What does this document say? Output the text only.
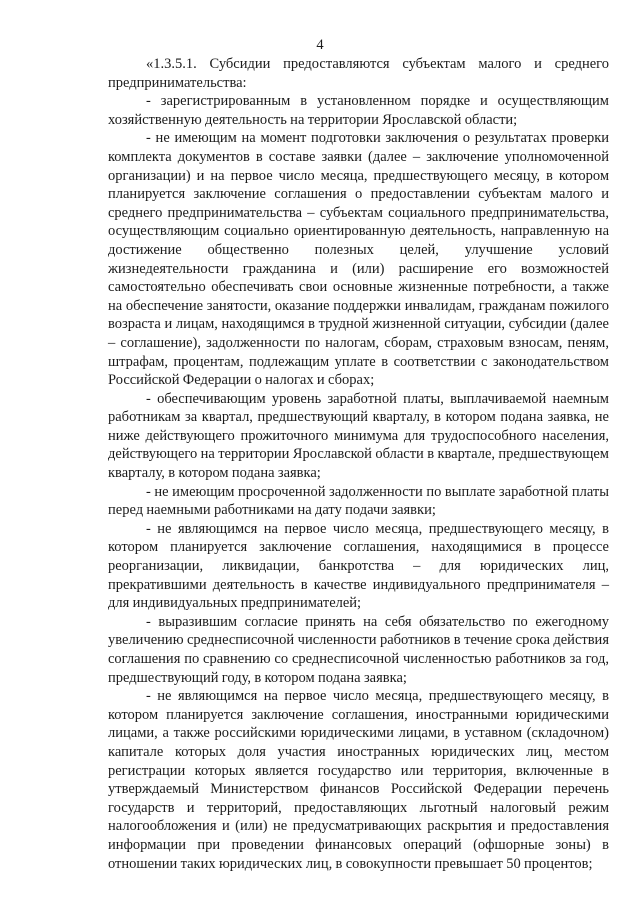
4

«1.3.5.1. Субсидии предоставляются субъектам малого и среднего предпринимательства:

- зарегистрированным в установленном порядке и осуществляющим хозяйственную деятельность на территории Ярославской области;

- не имеющим на момент подготовки заключения о результатах проверки комплекта документов в составе заявки (далее – заключение уполномоченной организации) и на первое число месяца, предшествующего месяцу, в котором планируется заключение соглашения о предоставлении субъектам малого и среднего предпринимательства – субъектам социального предпринимательства, осуществляющим социально ориентированную деятельность, направленную на достижение общественно полезных целей, улучшение условий жизнедеятельности гражданина и (или) расширение его возможностей самостоятельно обеспечивать свои основные жизненные потребности, а также на обеспечение занятости, оказание поддержки инвалидам, гражданам пожилого возраста и лицам, находящимся в трудной жизненной ситуации, субсидии (далее – соглашение), задолженности по налогам, сборам, страховым взносам, пеням, штрафам, процентам, подлежащим уплате в соответствии с законодательством Российской Федерации о налогах и сборах;

- обеспечивающим уровень заработной платы, выплачиваемой наемным работникам за квартал, предшествующий кварталу, в котором подана заявка, не ниже действующего прожиточного минимума для трудоспособного населения, действующего на территории Ярославской области в квартале, предшествующем кварталу, в котором подана заявка;

- не имеющим просроченной задолженности по выплате заработной платы перед наемными работниками на дату подачи заявки;

- не являющимся на первое число месяца, предшествующего месяцу, в котором планируется заключение соглашения, находящимися в процессе реорганизации, ликвидации, банкротства – для юридических лиц, прекратившими деятельность в качестве индивидуального предпринимателя – для индивидуальных предпринимателей;

- выразившим согласие принять на себя обязательство по ежегодному увеличению среднесписочной численности работников в течение срока действия соглашения по сравнению со среднесписочной численностью работников за год, предшествующий году, в котором подана заявка;

- не являющимся на первое число месяца, предшествующего месяцу, в котором планируется заключение соглашения, иностранными юридическими лицами, а также российскими юридическими лицами, в уставном (складочном) капитале которых доля участия иностранных юридических лиц, местом регистрации которых является государство или территория, включенные в утверждаемый Министерством финансов Российской Федерации перечень государств и территорий, предоставляющих льготный налоговый режим налогообложения и (или) не предусматривающих раскрытия и предоставления информации при проведении финансовых операций (офшорные зоны) в отношении таких юридических лиц, в совокупности превышает 50 процентов;
